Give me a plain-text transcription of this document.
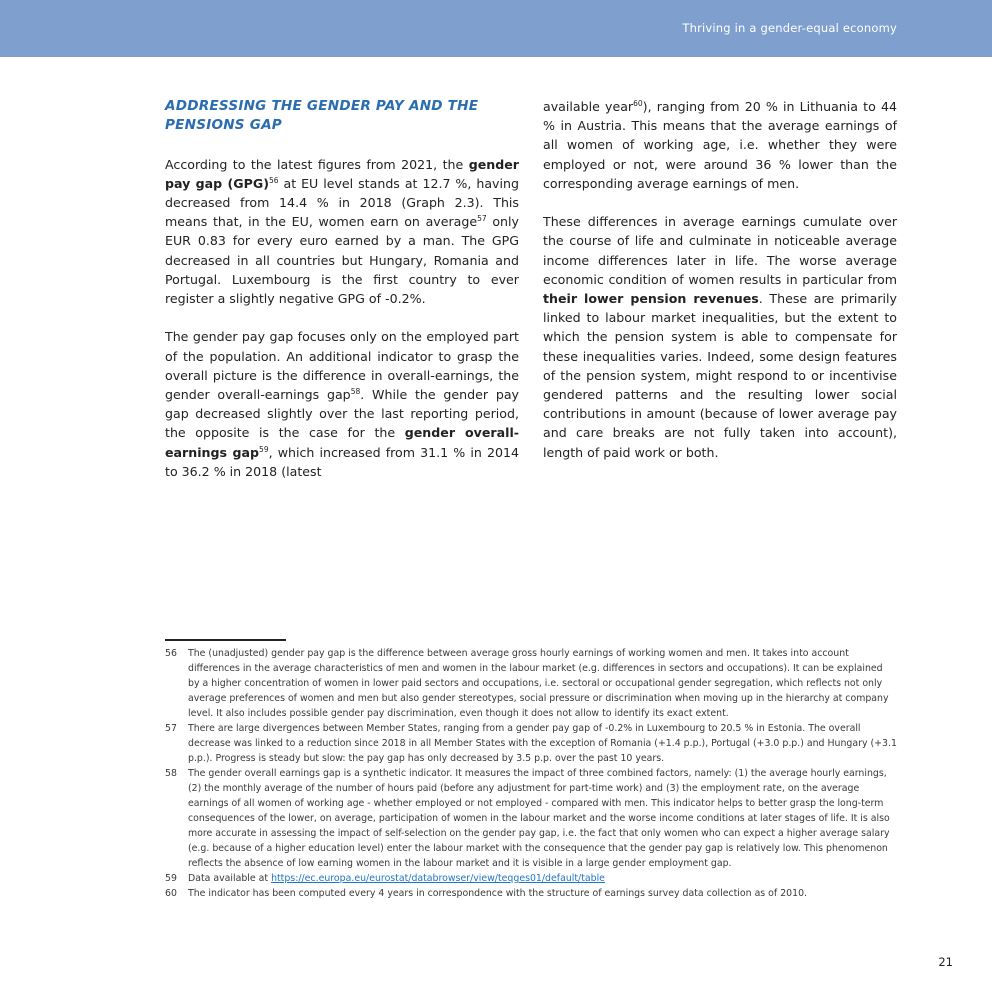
Thriving in a gender-equal economy
ADDRESSING THE GENDER PAY AND THE PENSIONS GAP

According to the latest figures from 2021, the gender pay gap (GPG)$^{56}$ at EU level stands at 12.7 %, having decreased from 14.4 % in 2018 (Graph 2.3). This means that, in the EU, women earn on average$^{57}$ only EUR 0.83 for every euro earned by a man. The GPG decreased in all countries but Hungary, Romania and Portugal. Luxembourg is the first country to ever register a slightly negative GPG of -0.2%.

The gender pay gap focuses only on the employed part of the population. An additional indicator to grasp the overall picture is the difference in overall-earnings, the gender overall-earnings gap$^{58}$. While the gender pay gap decreased slightly over the last reporting period, the opposite is the case for the gender overall-earnings gap$^{59}$, which increased from 31.1 % in 2014 to 36.2 % in 2018 (latest

available year$^{60}$), ranging from 20 % in Lithuania to 44 % in Austria. This means that the average earnings of all women of working age, i.e. whether they were employed or not, were around 36 % lower than the corresponding average earnings of men.

These differences in average earnings cumulate over the course of life and culminate in noticeable average income differences later in life. The worse average economic condition of women results in particular from their lower pension revenues. These are primarily linked to labour market inequalities, but the extent to which the pension system is able to compensate for these inequalities varies. Indeed, some design features of the pension system, might respond to or incentivise gendered patterns and the resulting lower social contributions in amount (because of lower average pay and care breaks are not fully taken into account), length of paid work or both.

56	The (unadjusted) gender pay gap is the difference between average gross hourly earnings of working women and men. It takes into account differences in the average characteristics of men and women in the labour market (e.g. differences in sectors and occupations). It can be explained by a higher concentration of women in lower paid sectors and occupations, i.e. sectoral or occupational gender segregation, which reflects not only average preferences of women and men but also gender stereotypes, social pressure or discrimination when moving up in the hierarchy at company level. It also includes possible gender pay discrimination, even though it does not allow to identify its exact extent.
57	There are large divergences between Member States, ranging from a gender pay gap of -0.2% in Luxembourg to 20.5 % in Estonia. The overall decrease was linked to a reduction since 2018 in all Member States with the exception of Romania (+1.4 p.p.), Portugal (+3.0 p.p.) and Hungary (+3.1 p.p.). Progress is steady but slow: the pay gap has only decreased by 3.5 p.p. over the past 10 years.
58	The gender overall earnings gap is a synthetic indicator. It measures the impact of three combined factors, namely: (1) the average hourly earnings, (2) the monthly average of the number of hours paid (before any adjustment for part-time work) and (3) the employment rate, on the average earnings of all women of working age - whether employed or not employed - compared with men. This indicator helps to better grasp the long-term consequences of the lower, on average, participation of women in the labour market and the worse income conditions at later stages of life. It is also more accurate in assessing the impact of self-selection on the gender pay gap, i.e. the fact that only women who can expect a higher average salary (e.g. because of a higher education level) enter the labour market with the consequence that the gender pay gap is relatively low. This phenomenon reflects the absence of low earning women in the labour market and it is visible in a large gender employment gap.
59	Data available at https://ec.europa.eu/eurostat/databrowser/view/teqges01/default/table
60	The indicator has been computed every 4 years in correspondence with the structure of earnings survey data collection as of 2010.
21
